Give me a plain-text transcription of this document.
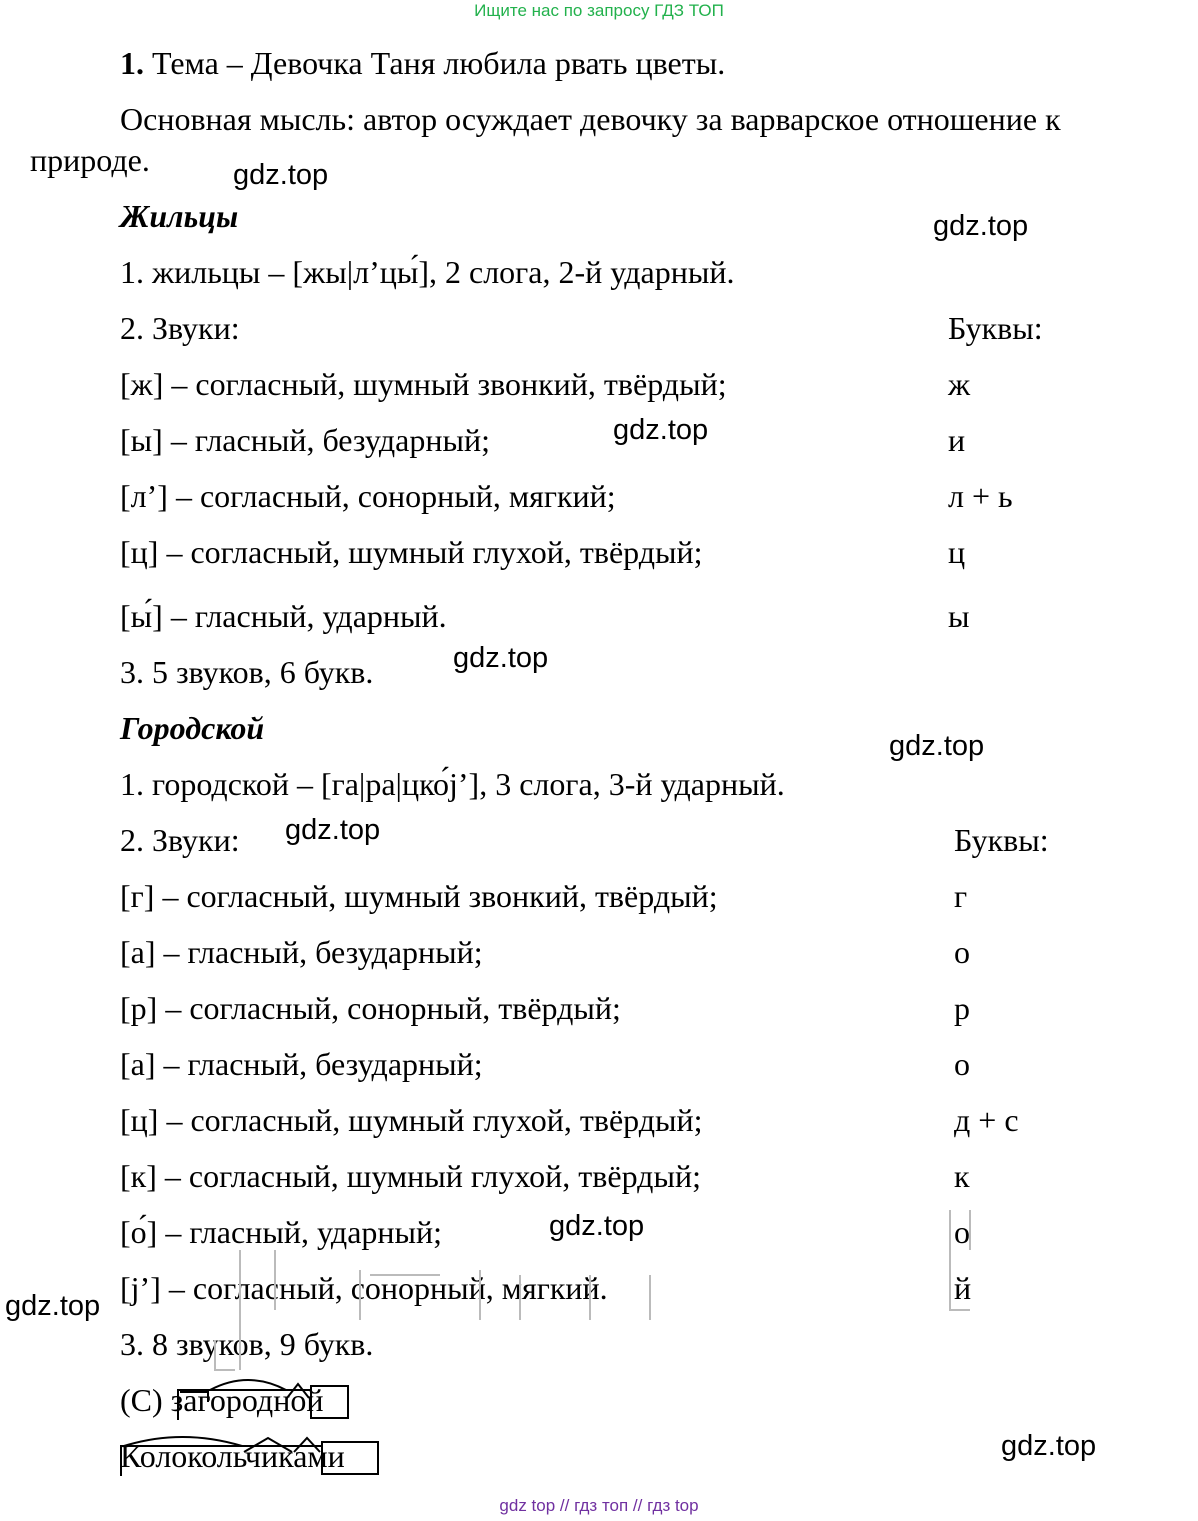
Ищите нас по запросу ГДЗ ТОП
1. Тема – Девочка Таня любила рвать цветы.
Основная мысль: автор осуждает девочку за варварское отношение к
природе.
Жильцы
1. жильцы – [жы|л’цы́], 2 слога, 2-й ударный.
2. Звуки:	Буквы:
[ж] – согласный, шумный звонкий, твёрдый;	ж
[ы] – гласный, безударный;	и
[л’] – согласный, сонорный, мягкий;	л + ь
[ц] – согласный, шумный глухой, твёрдый;	ц
[ы́] – гласный, ударный.	ы
3. 5 звуков, 6 букв.
Городской
1. городской – [га|ра|цко́j’], 3 слога, 3-й ударный.
2. Звуки:	Буквы:
[г] – согласный, шумный звонкий, твёрдый;	г
[а] – гласный, безударный;	о
[р] – согласный, сонорный, твёрдый;	р
[а] – гласный, безударный;	о
[ц] – согласный, шумный глухой, твёрдый;	д + с
[к] – согласный, шумный глухой, твёрдый;	к
[о́] – гласный, ударный;	о
[j’] – согласный, сонорный, мягкий.	й
3. 8 звуков, 9 букв.
(С) загородной
Колокольчиками
gdz.top
gdz.top
gdz.top
gdz.top
gdz.top
gdz.top
gdz.top
gdz.top
gdz.top
gdz top // гдз топ // гдз top
